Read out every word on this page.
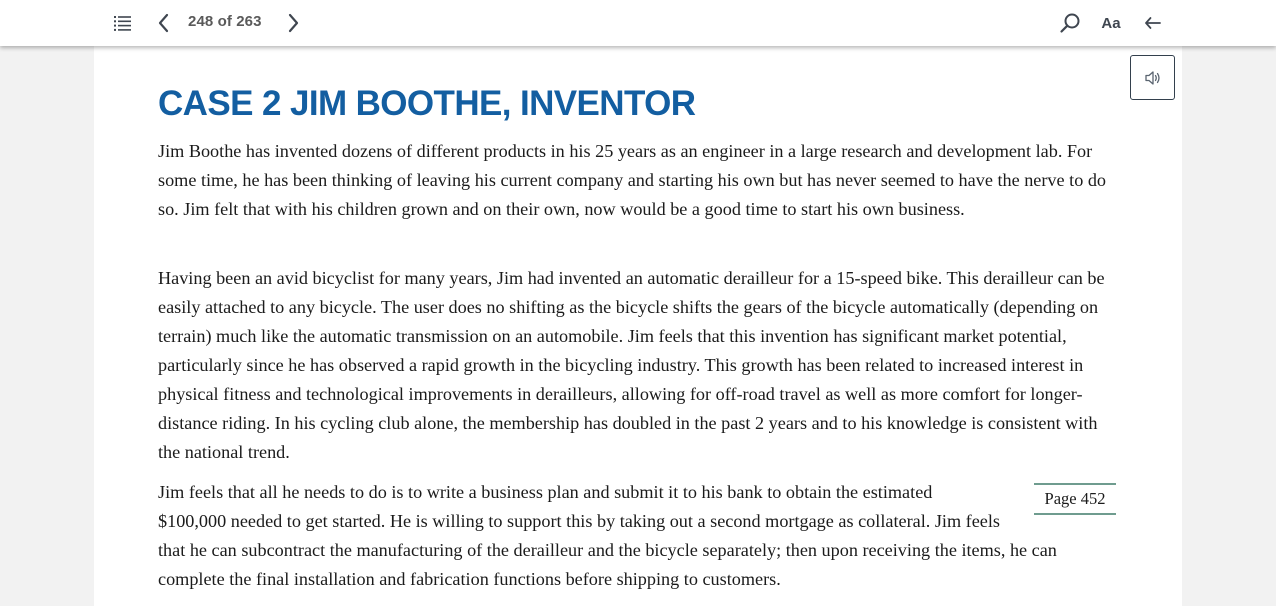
248 of 263	Aa
CASE 2 JIM BOOTHE, INVENTOR

Jim Boothe has invented dozens of different products in his 25 years as an engineer in a large research and development lab. For some time, he has been thinking of leaving his current company and starting his own but has never seemed to have the nerve to do so. Jim felt that with his children grown and on their own, now would be a good time to start his own business.

Having been an avid bicyclist for many years, Jim had invented an automatic derailleur for a 15-speed bike. This derailleur can be easily attached to any bicycle. The user does no shifting as the bicycle shifts the gears of the bicycle automatically (depending on terrain) much like the automatic transmission on an automobile. Jim feels that this invention has significant market potential, particularly since he has observed a rapid growth in the bicycling industry. This growth has been related to increased interest in physical fitness and technological improvements in derailleurs, allowing for off-road travel as well as more comfort for longer-distance riding. In his cycling club alone, the membership has doubled in the past 2 years and to his knowledge is consistent with the national trend.

Page 452
Jim feels that all he needs to do is to write a business plan and submit it to his bank to obtain the estimated $100,000 needed to get started. He is willing to support this by taking out a second mortgage as collateral. Jim feels that he can subcontract the manufacturing of the derailleur and the bicycle separately; then upon receiving the items, he can complete the final installation and fabrication functions before shipping to customers.
